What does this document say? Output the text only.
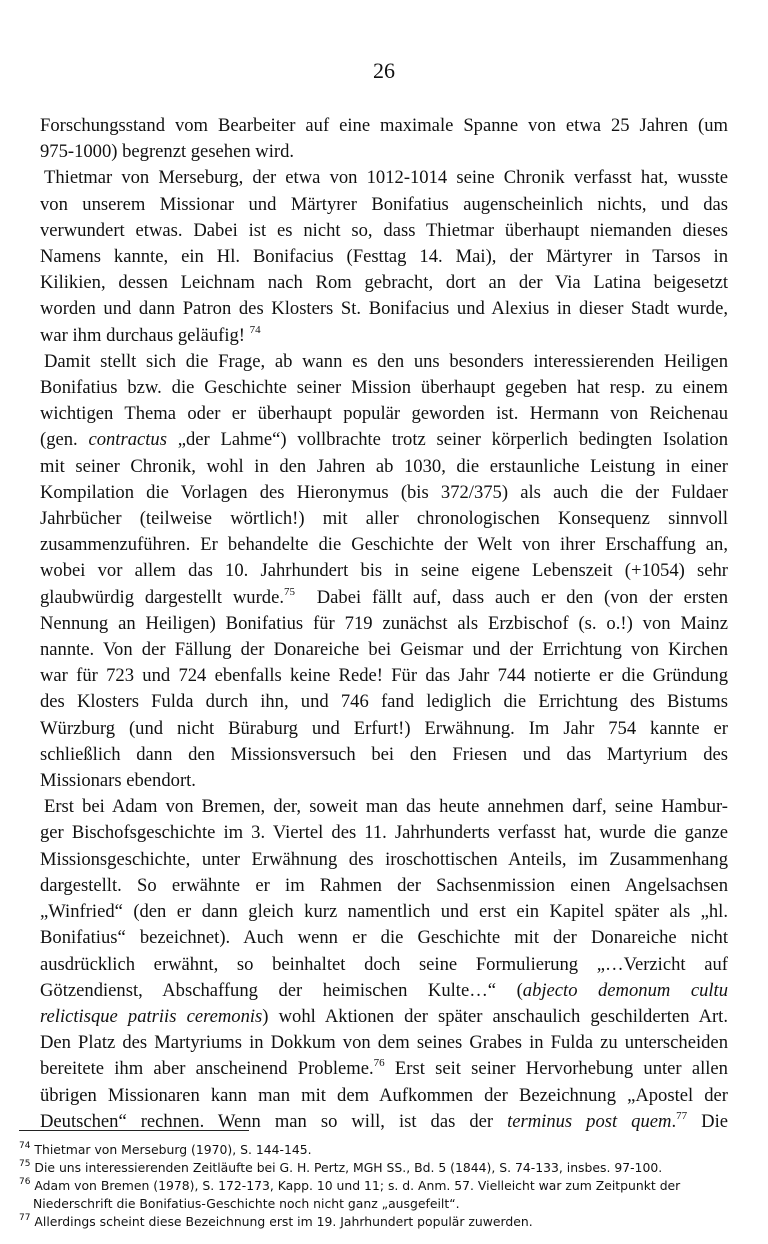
26
Forschungsstand vom Bearbeiter auf eine maximale Spanne von etwa 25 Jahren (um
975-1000) begrenzt gesehen wird.
Thietmar von Merseburg, der etwa von 1012-1014 seine Chronik verfasst hat, wusste
von unserem Missionar und Märtyrer Bonifatius augenscheinlich nichts, und das
verwundert etwas. Dabei ist es nicht so, dass Thietmar überhaupt niemanden dieses
Namens kannte, ein Hl. Bonifacius (Festtag 14. Mai), der Märtyrer in Tarsos in
Kilikien, dessen Leichnam nach Rom gebracht, dort an der Via Latina beigesetzt
worden und dann Patron des Klosters St. Bonifacius und Alexius in dieser Stadt wurde,
war ihm durchaus geläufig! $^{74}$
Damit stellt sich die Frage, ab wann es den uns besonders interessierenden Heiligen
Bonifatius bzw. die Geschichte seiner Mission überhaupt gegeben hat resp. zu einem
wichtigen Thema oder er überhaupt populär geworden ist. Hermann von Reichenau
(gen. contractus „der Lahme“) vollbrachte trotz seiner körperlich bedingten Isolation
mit seiner Chronik, wohl in den Jahren ab 1030, die erstaunliche Leistung in einer
Kompilation die Vorlagen des Hieronymus (bis 372/375) als auch die der Fuldaer
Jahrbücher (teilweise wörtlich!) mit aller chronologischen Konsequenz sinnvoll
zusammenzuführen. Er behandelte die Geschichte der Welt von ihrer Erschaffung an,
wobei vor allem das 10. Jahrhundert bis in seine eigene Lebenszeit (+1054) sehr
glaubwürdig dargestellt wurde.$^{75}$ Dabei fällt auf, dass auch er den (von der ersten
Nennung an Heiligen) Bonifatius für 719 zunächst als Erzbischof (s. o.!) von Mainz
nannte. Von der Fällung der Donareiche bei Geismar und der Errichtung von Kirchen
war für 723 und 724 ebenfalls keine Rede! Für das Jahr 744 notierte er die Gründung
des Klosters Fulda durch ihn, und 746 fand lediglich die Errichtung des Bistums
Würzburg (und nicht Büraburg und Erfurt!) Erwähnung. Im Jahr 754 kannte er
schließlich dann den Missionsversuch bei den Friesen und das Martyrium des
Missionars ebendort.
Erst bei Adam von Bremen, der, soweit man das heute annehmen darf, seine Hambur-
ger Bischofsgeschichte im 3. Viertel des 11. Jahrhunderts verfasst hat, wurde die ganze
Missionsgeschichte, unter Erwähnung des iroschottischen Anteils, im Zusammenhang
dargestellt. So erwähnte er im Rahmen der Sachsenmission einen Angelsachsen
„Winfried“ (den er dann gleich kurz namentlich und erst ein Kapitel später als „hl.
Bonifatius“ bezeichnet). Auch wenn er die Geschichte mit der Donareiche nicht
ausdrücklich erwähnt, so beinhaltet doch seine Formulierung „…Verzicht auf
Götzendienst, Abschaffung der heimischen Kulte…“ (abjecto demonum cultu
relictisque patriis ceremonis) wohl Aktionen der später anschaulich geschilderten Art.
Den Platz des Martyriums in Dokkum von dem seines Grabes in Fulda zu unterscheiden
bereitete ihm aber anscheinend Probleme.$^{76}$ Erst seit seiner Hervorhebung unter allen
übrigen Missionaren kann man mit dem Aufkommen der Bezeichnung „Apostel der
Deutschen“ rechnen. Wenn man so will, ist das der terminus post quem.$^{77}$ Die
$^{74}$ Thietmar von Merseburg (1970), S. 144-145.
$^{75}$ Die uns interessierenden Zeitläufte bei G. H. Pertz, MGH SS., Bd. 5 (1844), S. 74-133, insbes. 97-100.
$^{76}$ Adam von Bremen (1978), S. 172-173, Kapp. 10 und 11; s. d. Anm. 57. Vielleicht war zum Zeitpunkt der
Niederschrift die Bonifatius-Geschichte noch nicht ganz „ausgefeilt“.
$^{77}$ Allerdings scheint diese Bezeichnung erst im 19. Jahrhundert populär zuwerden.
